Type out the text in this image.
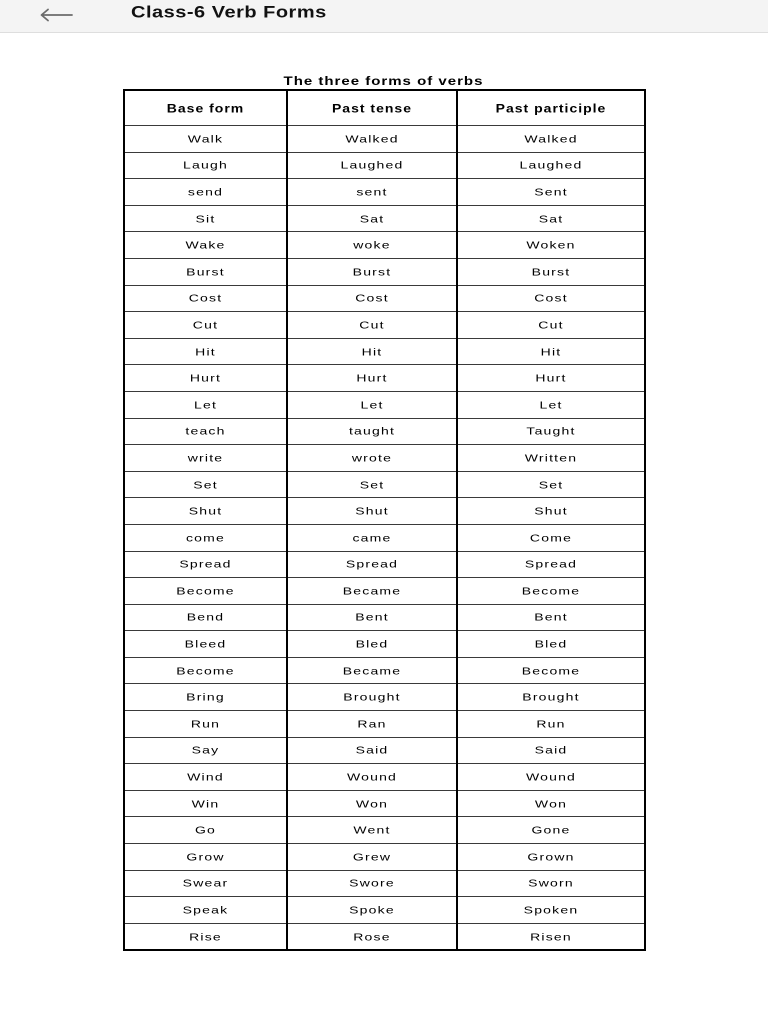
Class-6 Verb Forms
The three forms of verbs
Base form	Past tense	Past participle
Walk	Walked	Walked
Laugh	Laughed	Laughed
send	sent	Sent
Sit	Sat	Sat
Wake	woke	Woken
Burst	Burst	Burst
Cost	Cost	Cost
Cut	Cut	Cut
Hit	Hit	Hit
Hurt	Hurt	Hurt
Let	Let	Let
teach	taught	Taught
write	wrote	Written
Set	Set	Set
Shut	Shut	Shut
come	came	Come
Spread	Spread	Spread
Become	Became	Become
Bend	Bent	Bent
Bleed	Bled	Bled
Become	Became	Become
Bring	Brought	Brought
Run	Ran	Run
Say	Said	Said
Wind	Wound	Wound
Win	Won	Won
Go	Went	Gone
Grow	Grew	Grown
Swear	Swore	Sworn
Speak	Spoke	Spoken
Rise	Rose	Risen
